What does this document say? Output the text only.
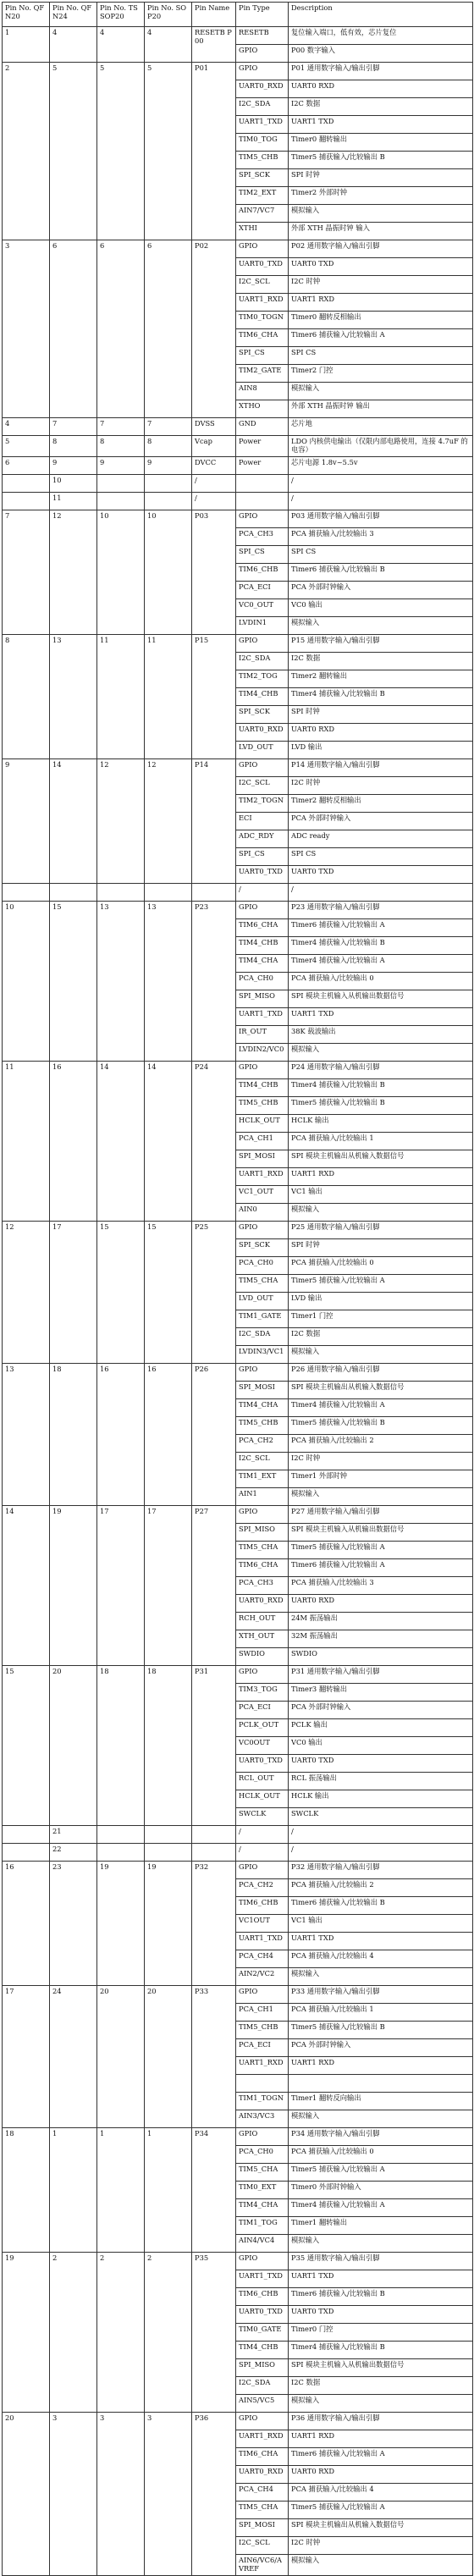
Pin No. QFN20	Pin No. QFN24	Pin No. TSSOP20	Pin No. SOP20	Pin Name	Pin Type	Description
1	4	4	4	RESETB P00	RESETB	复位输入端口，低有效，芯片复位
					GPIO	P00 数字输入
2	5	5	5	P01	GPIO	P01 通用数字输入/输出引脚
					UART0_RXD	UART0 RXD
					I2C_SDA	I2C 数据
					UART1_TXD	UART1 TXD
					TIM0_TOG	Timer0 翻转输出
					TIM5_CHB	Timer5 捕获输入/比较输出 B
					SPI_SCK	SPI 时钟
					TIM2_EXT	Timer2 外部时钟
					AIN7/VC7	模拟输入
					XTHI	外部 XTH 晶振时钟 输入
3	6	6	6	P02	GPIO	P02 通用数字输入/输出引脚
					UART0_TXD	UART0 TXD
					I2C_SCL	I2C 时钟
					UART1_RXD	UART1 RXD
					TIM0_TOGN	Timer0 翻转反相输出
					TIM6_CHA	Timer6 捕获输入/比较输出 A
					SPI_CS	SPI CS
					TIM2_GATE	Timer2 门控
					AIN8	模拟输入
					XTHO	外部 XTH 晶振时钟 输出
4	7	7	7	DVSS	GND	芯片地
5	8	8	8	Vcap	Power	LDO 内核供电输出（仅限内部电路使用，连接 4.7uF 的电容）
6	9	9	9	DVCC	Power	芯片电源 1.8v~5.5v
	10			/		/
	11			/		/
7	12	10	10	P03	GPIO	P03 通用数字输入/输出引脚
					PCA_CH3	PCA 捕获输入/比较输出 3
					SPI_CS	SPI CS
					TIM6_CHB	Timer6 捕获输入/比较输出 B
					PCA_ECI	PCA 外部时钟输入
					VC0_OUT	VC0 输出
					LVDIN1	模拟输入
8	13	11	11	P15	GPIO	P15 通用数字输入/输出引脚
					I2C_SDA	I2C 数据
					TIM2_TOG	Timer2 翻转输出
					TIM4_CHB	Timer4 捕获输入/比较输出 B
					SPI_SCK	SPI 时钟
					UART0_RXD	UART0 RXD
					LVD_OUT	LVD 输出
9	14	12	12	P14	GPIO	P14 通用数字输入/输出引脚
					I2C_SCL	I2C 时钟
					TIM2_TOGN	Timer2 翻转反相输出
					ECI	PCA 外部时钟输入
					ADC_RDY	ADC ready
					SPI_CS	SPI CS
					UART0_TXD	UART0 TXD
					/	/
10	15	13	13	P23	GPIO	P23 通用数字输入/输出引脚
					TIM6_CHA	Timer6 捕获输入/比较输出 A
					TIM4_CHB	Timer4 捕获输入/比较输出 B
					TIM4_CHA	Timer4 捕获输入/比较输出 A
					PCA_CH0	PCA 捕获输入/比较输出 0
					SPI_MISO	SPI 模块主机输入从机输出数据信号
					UART1_TXD	UART1 TXD
					IR_OUT	38K 载波输出
					LVDIN2/VC0	模拟输入
11	16	14	14	P24	GPIO	P24 通用数字输入/输出引脚
					TIM4_CHB	Timer4 捕获输入/比较输出 B
					TIM5_CHB	Timer5 捕获输入/比较输出 B
					HCLK_OUT	HCLK 输出
					PCA_CH1	PCA 捕获输入/比较输出 1
					SPI_MOSI	SPI 模块主机输出从机输入数据信号
					UART1_RXD	UART1 RXD
					VC1_OUT	VC1 输出
					AIN0	模拟输入
12	17	15	15	P25	GPIO	P25 通用数字输入/输出引脚
					SPI_SCK	SPI 时钟
					PCA_CH0	PCA 捕获输入/比较输出 0
					TIM5_CHA	Timer5 捕获输入/比较输出 A
					LVD_OUT	LVD 输出
					TIM1_GATE	Timer1 门控
					I2C_SDA	I2C 数据
					LVDIN3/VC1	模拟输入
13	18	16	16	P26	GPIO	P26 通用数字输入/输出引脚
					SPI_MOSI	SPI 模块主机输出从机输入数据信号
					TIM4_CHA	Timer4 捕获输入/比较输出 A
					TIM5_CHB	Timer5 捕获输入/比较输出 B
					PCA_CH2	PCA 捕获输入/比较输出 2
					I2C_SCL	I2C 时钟
					TIM1_EXT	Timer1 外部时钟
					AIN1	模拟输入
14	19	17	17	P27	GPIO	P27 通用数字输入/输出引脚
					SPI_MISO	SPI 模块主机输入从机输出数据信号
					TIM5_CHA	Timer5 捕获输入/比较输出 A
					TIM6_CHA	Timer6 捕获输入/比较输出 A
					PCA_CH3	PCA 捕获输入/比较输出 3
					UART0_RXD	UART0 RXD
					RCH_OUT	24M 振荡输出
					XTH_OUT	32M 振荡输出
					SWDIO	SWDIO
15	20	18	18	P31	GPIO	P31 通用数字输入/输出引脚
					TIM3_TOG	Timer3 翻转输出
					PCA_ECI	PCA 外部时钟输入
					PCLK_OUT	PCLK 输出
					VC0OUT	VC0 输出
					UART0_TXD	UART0 TXD
					RCL_OUT	RCL 振荡输出
					HCLK_OUT	HCLK 输出
					SWCLK	SWCLK
	21				/	/
	22				/	/
16	23	19	19	P32	GPIO	P32 通用数字输入/输出引脚
					PCA_CH2	PCA 捕获输入/比较输出 2
					TIM6_CHB	Timer6 捕获输入/比较输出 B
					VC1OUT	VC1 输出
					UART1_TXD	UART1 TXD
					PCA_CH4	PCA 捕获输入/比较输出 4
					AIN2/VC2	模拟输入
17	24	20	20	P33	GPIO	P33 通用数字输入/输出引脚
					PCA_CH1	PCA 捕获输入/比较输出 1
					TIM5_CHB	Timer5 捕获输入/比较输出 B
					PCA_ECI	PCA 外部时钟输入
					UART1_RXD	UART1 RXD

					TIM1_TOGN	Timer1 翻转反向输出
					AIN3/VC3	模拟输入
18	1	1	1	P34	GPIO	P34 通用数字输入/输出引脚
					PCA_CH0	PCA 捕获输入/比较输出 0
					TIM5_CHA	Timer5 捕获输入/比较输出 A
					TIM0_EXT	Timer0 外部时钟输入
					TIM4_CHA	Timer4 捕获输入/比较输出 A
					TIM1_TOG	Timer1 翻转输出
					AIN4/VC4	模拟输入
19	2	2	2	P35	GPIO	P35 通用数字输入/输出引脚
					UART1_TXD	UART1 TXD
					TIM6_CHB	Timer6 捕获输入/比较输出 B
					UART0_TXD	UART0 TXD
					TIM0_GATE	Timer0 门控
					TIM4_CHB	Timer4 捕获输入/比较输出 B
					SPI_MISO	SPI 模块主机输入从机输出数据信号
					I2C_SDA	I2C 数据
					AIN5/VC5	模拟输入
20	3	3	3	P36	GPIO	P36 通用数字输入/输出引脚
					UART1_RXD	UART1 RXD
					TIM6_CHA	Timer6 捕获输入/比较输出 A
					UART0_RXD	UART0 RXD
					PCA_CH4	PCA 捕获输入/比较输出 4
					TIM5_CHA	Timer5 捕获输入/比较输出 A
					SPI_MOSI	SPI 模块主机输出从机输入数据信号
					I2C_SCL	I2C 时钟
					AIN6/VC6/AVREF	模拟输入
